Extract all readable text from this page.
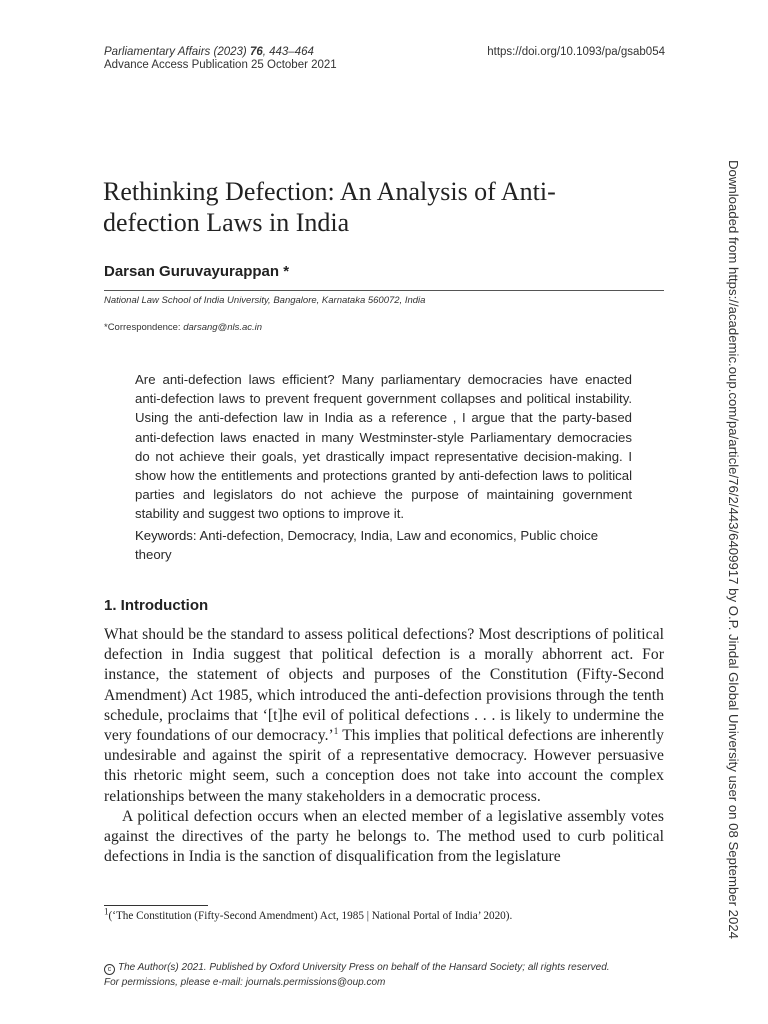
Parliamentary Affairs (2023) 76, 443–464
Advance Access Publication 25 October 2021
https://doi.org/10.1093/pa/gsab054
Rethinking Defection: An Analysis of Anti-defection Laws in India
Darsan Guruvayurappan *
National Law School of India University, Bangalore, Karnataka 560072, India
*Correspondence: darsang@nls.ac.in

Are anti-defection laws efficient? Many parliamentary democracies have enacted anti-defection laws to prevent frequent government collapses and political instability. Using the anti-defection law in India as a reference , I argue that the party-based anti-defection laws enacted in many Westminster-style Parliamentary democracies do not achieve their goals, yet drastically impact representative decision-making. I show how the entitlements and protections granted by anti-defection laws to political parties and legislators do not achieve the purpose of maintaining government stability and suggest two options to improve it.

Keywords: Anti-defection, Democracy, India, Law and economics, Public choice theory

1. Introduction

What should be the standard to assess political defections? Most descriptions of political defection in India suggest that political defection is a morally abhorrent act. For instance, the statement of objects and purposes of the Constitution (Fifty-Second Amendment) Act 1985, which introduced the anti-defection provisions through the tenth schedule, proclaims that ‘[t]he evil of political defections . . . is likely to undermine the very foundations of our democracy.’$^1$ This implies that political defections are inherently undesirable and against the spirit of a representative democracy. However persuasive this rhetoric might seem, such a conception does not take into account the complex relationships between the many stakeholders in a democratic process.

A political defection occurs when an elected member of a legislative assembly votes against the directives of the party he belongs to. The method used to curb political defections in India is the sanction of disqualification from the legislature

$^1$(‘The Constitution (Fifty-Second Amendment) Act, 1985 | National Portal of India’ 2020).
c The Author(s) 2021. Published by Oxford University Press on behalf of the Hansard Society; all rights reserved.
For permissions, please e-mail: journals.permissions@oup.com
Downloaded from https://academic.oup.com/pa/article/76/2/443/6409917 by O.P. Jindal Global University user on 08 September 2024
